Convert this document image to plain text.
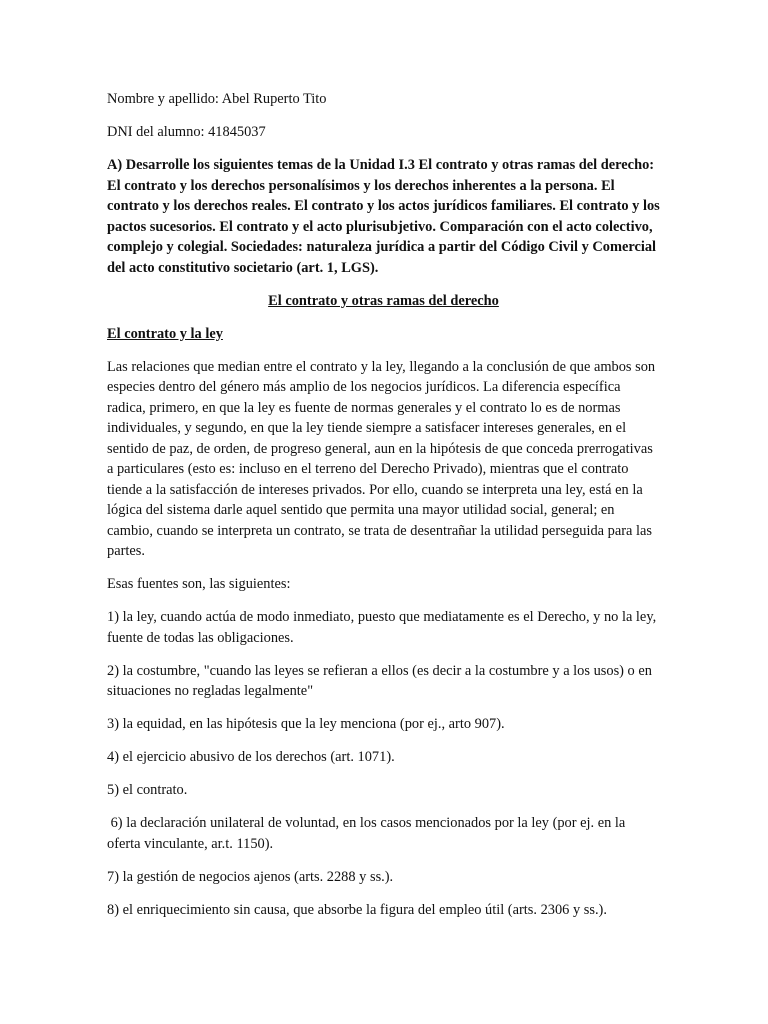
Nombre y apellido: Abel Ruperto Tito

DNI del alumno: 41845037

A) Desarrolle los siguientes temas de la Unidad I.3 El contrato y otras ramas del derecho: El contrato y los derechos personalísimos y los derechos inherentes a la persona. El contrato y los derechos reales. El contrato y los actos jurídicos familiares. El contrato y los pactos sucesorios. El contrato y el acto plurisubjetivo. Comparación con el acto colectivo, complejo y colegial. Sociedades: naturaleza jurídica a partir del Código Civil y Comercial del acto constitutivo societario (art. 1, LGS).

El contrato y otras ramas del derecho

El contrato y la ley

Las relaciones que median entre el contrato y la ley, llegando a la conclusión de que ambos son especies dentro del género más amplio de los negocios jurídicos. La diferencia específica radica, primero, en que la ley es fuente de normas generales y el contrato lo es de normas individuales, y segundo, en que la ley tiende siempre a satisfacer intereses generales, en el sentido de paz, de orden, de progreso general, aun en la hipótesis de que conceda prerrogativas a particulares (esto es: incluso en el terreno del Derecho Privado), mientras que el contrato tiende a la satisfacción de intereses privados. Por ello, cuando se interpreta una ley, está en la lógica del sistema darle aquel sentido que permita una mayor utilidad social, general; en cambio, cuando se interpreta un contrato, se trata de desentrañar la utilidad perseguida para las partes.

Esas fuentes son, las siguientes:

1) la ley, cuando actúa de modo inmediato, puesto que mediatamente es el Derecho, y no la ley, fuente de todas las obligaciones.

2) la costumbre, "cuando las leyes se refieran a ellos (es decir a la costumbre y a los usos) o en situaciones no regladas legalmente"

3) la equidad, en las hipótesis que la ley menciona (por ej., arto 907).

4) el ejercicio abusivo de los derechos (art. 1071).

5) el contrato.

6) la declaración unilateral de voluntad, en los casos mencionados por la ley (por ej. en la oferta vinculante, ar.t. 1150).

7) la gestión de negocios ajenos (arts. 2288 y ss.).

8) el enriquecimiento sin causa, que absorbe la figura del empleo útil (arts. 2306 y ss.).
